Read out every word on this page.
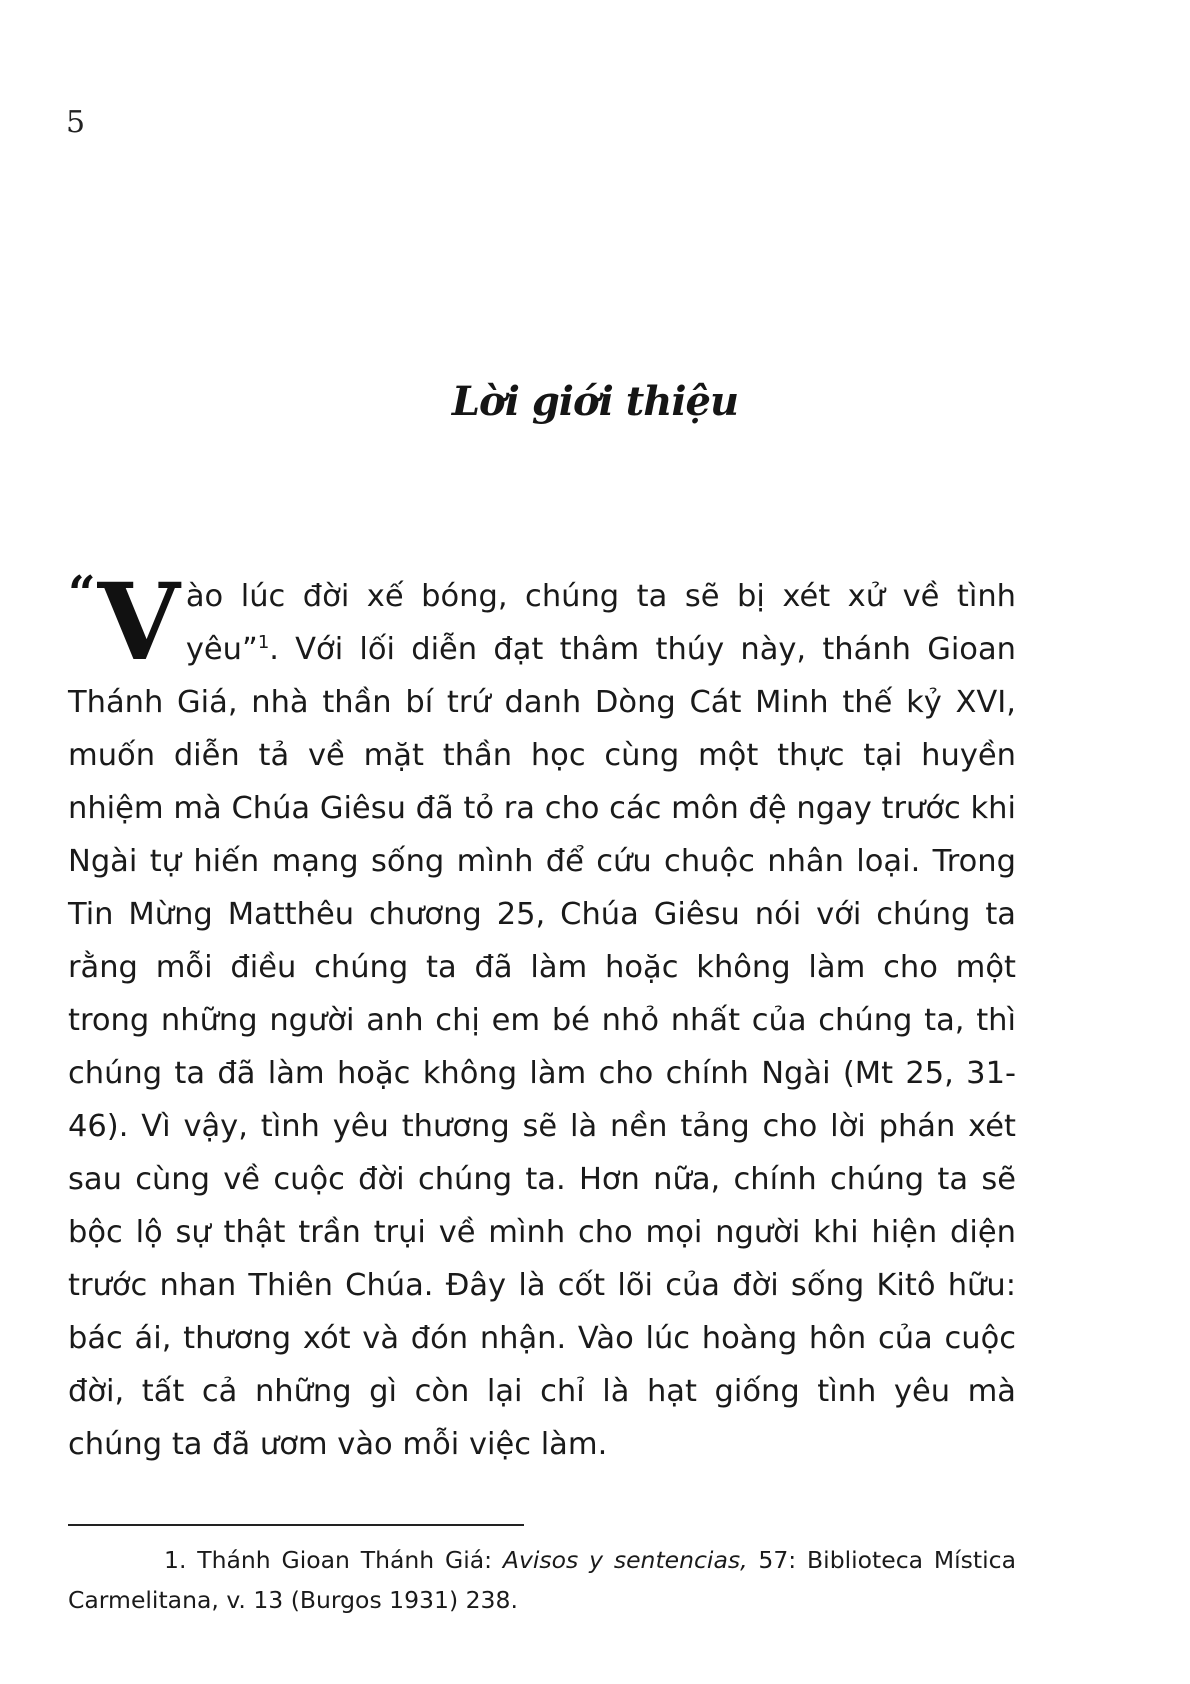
5
Lời giới thiệu
“ V ào lúc đời xế bóng, chúng ta sẽ bị xét xử về tình yêu”$^1$. Với lối diễn đạt thâm thúy này, thánh Gioan Thánh Giá, nhà thần bí trứ danh Dòng Cát Minh thế kỷ XVI, muốn diễn tả về mặt thần học cùng một thực tại huyền nhiệm mà Chúa Giêsu đã tỏ ra cho các môn đệ ngay trước khi Ngài tự hiến mạng sống mình để cứu chuộc nhân loại. Trong Tin Mừng Matthêu chương 25, Chúa Giêsu nói với chúng ta rằng mỗi điều chúng ta đã làm hoặc không làm cho một trong những người anh chị em bé nhỏ nhất của chúng ta, thì chúng ta đã làm hoặc không làm cho chính Ngài (Mt 25, 31-46). Vì vậy, tình yêu thương sẽ là nền tảng cho lời phán xét sau cùng về cuộc đời chúng ta. Hơn nữa, chính chúng ta sẽ bộc lộ sự thật trần trụi về mình cho mọi người khi hiện diện trước nhan Thiên Chúa. Đây là cốt lõi của đời sống Kitô hữu: bác ái, thương xót và đón nhận. Vào lúc hoàng hôn của cuộc đời, tất cả những gì còn lại chỉ là hạt giống tình yêu mà chúng ta đã ươm vào mỗi việc làm.
1. Thánh Gioan Thánh Giá: Avisos y sentencias, 57: Biblioteca Mística Carmelitana, v. 13 (Burgos 1931) 238.
